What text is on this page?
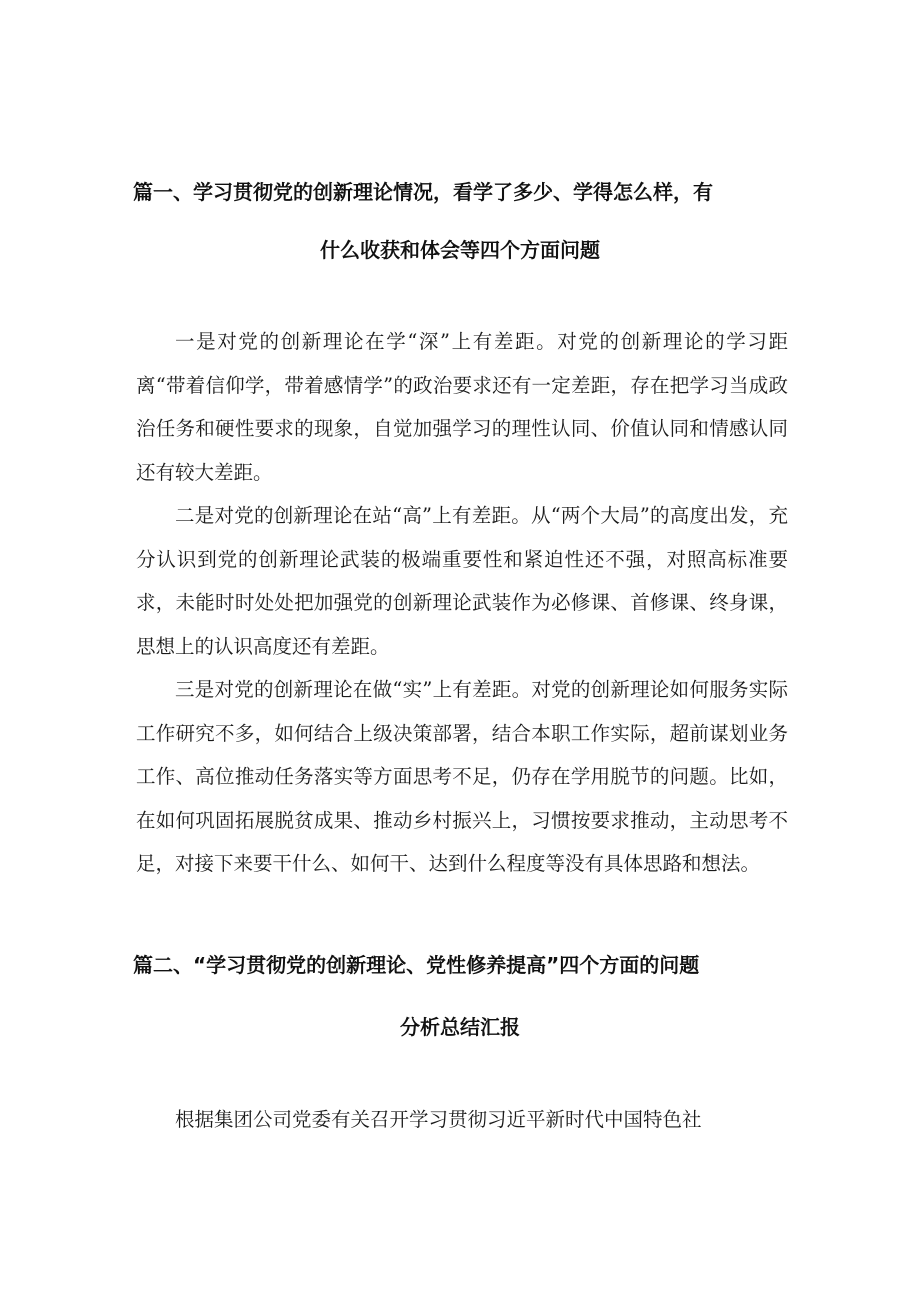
篇一、学习贯彻党的创新理论情况，看学了多少、学得怎么样，有
什么收获和体会等四个方面问题

一是对党的创新理论在学“深”上有差距。对党的创新理论的学习距离“带着信仰学，带着感情学”的政治要求还有一定差距，存在把学习当成政治任务和硬性要求的现象，自觉加强学习的理性认同、价值认同和情感认同还有较大差距。

二是对党的创新理论在站“高”上有差距。从“两个大局”的高度出发，充分认识到党的创新理论武装的极端重要性和紧迫性还不强，对照高标准要求，未能时时处处把加强党的创新理论武装作为必修课、首修课、终身课，思想上的认识高度还有差距。

三是对党的创新理论在做“实”上有差距。对党的创新理论如何服务实际工作研究不多，如何结合上级决策部署，结合本职工作实际，超前谋划业务工作、高位推动任务落实等方面思考不足，仍存在学用脱节的问题。比如，在如何巩固拓展脱贫成果、推动乡村振兴上，习惯按要求推动，主动思考不足，对接下来要干什么、如何干、达到什么程度等没有具体思路和想法。

篇二、“学习贯彻党的创新理论、党性修养提高”四个方面的问题
分析总结汇报

根据集团公司党委有关召开学习贯彻习近平新时代中国特色社
